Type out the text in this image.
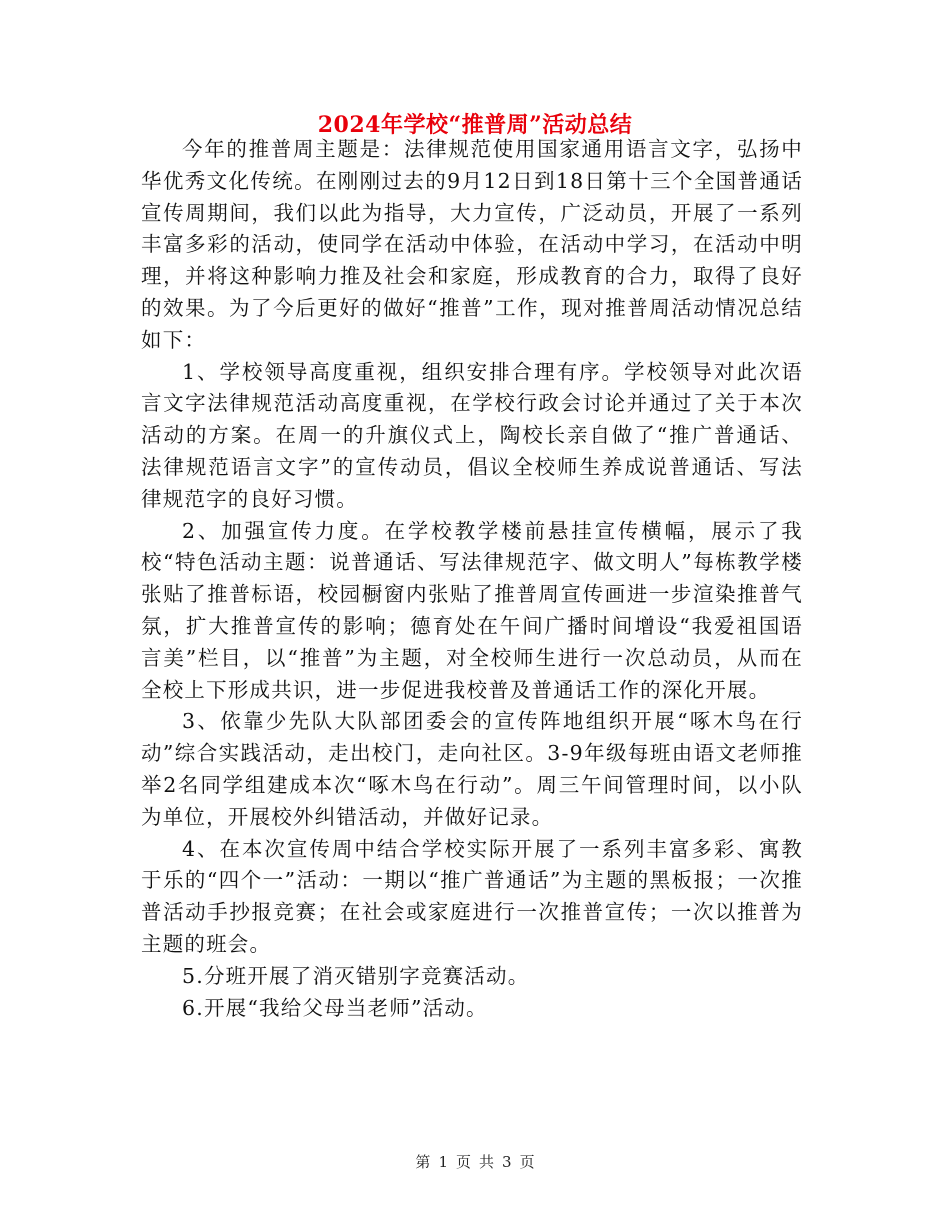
2024年学校“推普周”活动总结

今年的推普周主题是：法律规范使用国家通用语言文字，弘扬中华优秀文化传统。在刚刚过去的9月12日到18日第十三个全国普通话宣传周期间，我们以此为指导，大力宣传，广泛动员，开展了一系列丰富多彩的活动，使同学在活动中体验，在活动中学习，在活动中明理，并将这种影响力推及社会和家庭，形成教育的合力，取得了良好的效果。为了今后更好的做好“推普”工作，现对推普周活动情况总结如下：

1、学校领导高度重视，组织安排合理有序。学校领导对此次语言文字法律规范活动高度重视，在学校行政会讨论并通过了关于本次活动的方案。在周一的升旗仪式上，陶校长亲自做了“推广普通话、法律规范语言文字”的宣传动员，倡议全校师生养成说普通话、写法律规范字的良好习惯。

2、加强宣传力度。在学校教学楼前悬挂宣传横幅，展示了我校“特色活动主题：说普通话、写法律规范字、做文明人”每栋教学楼张贴了推普标语，校园橱窗内张贴了推普周宣传画进一步渲染推普气氛，扩大推普宣传的影响；德育处在午间广播时间增设“我爱祖国语言美”栏目，以“推普”为主题，对全校师生进行一次总动员，从而在全校上下形成共识，进一步促进我校普及普通话工作的深化开展。

3、依靠少先队大队部团委会的宣传阵地组织开展“啄木鸟在行动”综合实践活动，走出校门，走向社区。3-9年级每班由语文老师推举2名同学组建成本次“啄木鸟在行动”。周三午间管理时间，以小队为单位，开展校外纠错活动，并做好记录。

4、在本次宣传周中结合学校实际开展了一系列丰富多彩、寓教于乐的“四个一”活动：一期以“推广普通话”为主题的黑板报；一次推普活动手抄报竞赛；在社会或家庭进行一次推普宣传；一次以推普为主题的班会。

5.分班开展了消灭错别字竞赛活动。

6.开展“我给父母当老师”活动。

第 1 页 共 3 页
